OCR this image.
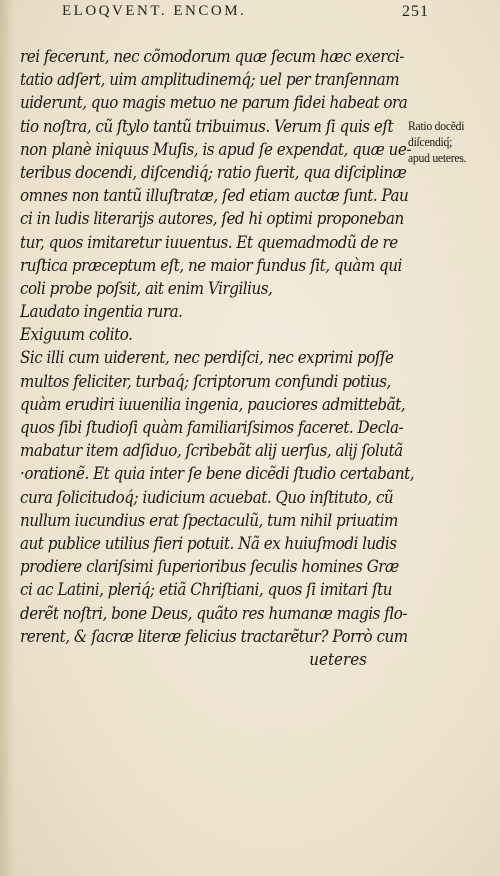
ELOQVENT. ENCOM.	251
rei fecerunt, nec cõmodorum quæ ſecum hæc exerci-
tatio adſert, uim amplitudinemq́; uel per tranſennam
uiderunt, quo magis metuo ne parum fidei habeat ora
tio noſtra, cũ ſtylo tantũ tribuimus. Verum ſi quis eſt
non planè iniquus Muſis, is apud ſe expendat, quæ ue-
teribus docendi, diſcendiq́; ratio fuerit, qua diſciplinæ
omnes non tantũ illuſtratæ, ſed etiam auctæ ſunt. Pau
ci in ludis literarijs autores, ſed hi optimi proponeban
tur, quos imitaretur iuuentus. Et quemadmodũ de re
ruſtica præceptum eſt, ne maior fundus ſit, quàm qui
coli probe poſsit, ait enim Virgilius,
Laudato ingentia rura.
Exiguum colito.
Sic illi cum uiderent, nec perdiſci, nec exprimi poſſe
multos feliciter, turbaq́; ſcriptorum confundi potius,
quàm erudiri iuuenilia ingenia, pauciores admittebãt,
quos ſibi ſtudioſi quàm familiariſsimos faceret. Decla-
mabatur item adſiduo, ſcribebãt alij uerſus, alij ſolutã
·orationẽ. Et quia inter ſe bene dicẽdi ſtudio certabant,
cura ſolicitudoq́; iudicium acuebat. Quo inſtituto, cũ
nullum iucundius erat ſpectaculũ, tum nihil priuatim
aut publice utilius fieri potuit. Nã ex huiuſmodi ludis
prodiere clariſsimi ſuperioribus ſeculis homines Græ
ci ac Latini, pleriq́; etiã Chriſtiani, quos ſi imitari ſtu
derẽt noſtri, bone Deus, quãto res humanæ magis flo-
rerent, & ſacræ literæ felicius tractarẽtur? Porrò cum
ueteres
Ratio docẽdi
diſcendiq́;
apud ueteres.
